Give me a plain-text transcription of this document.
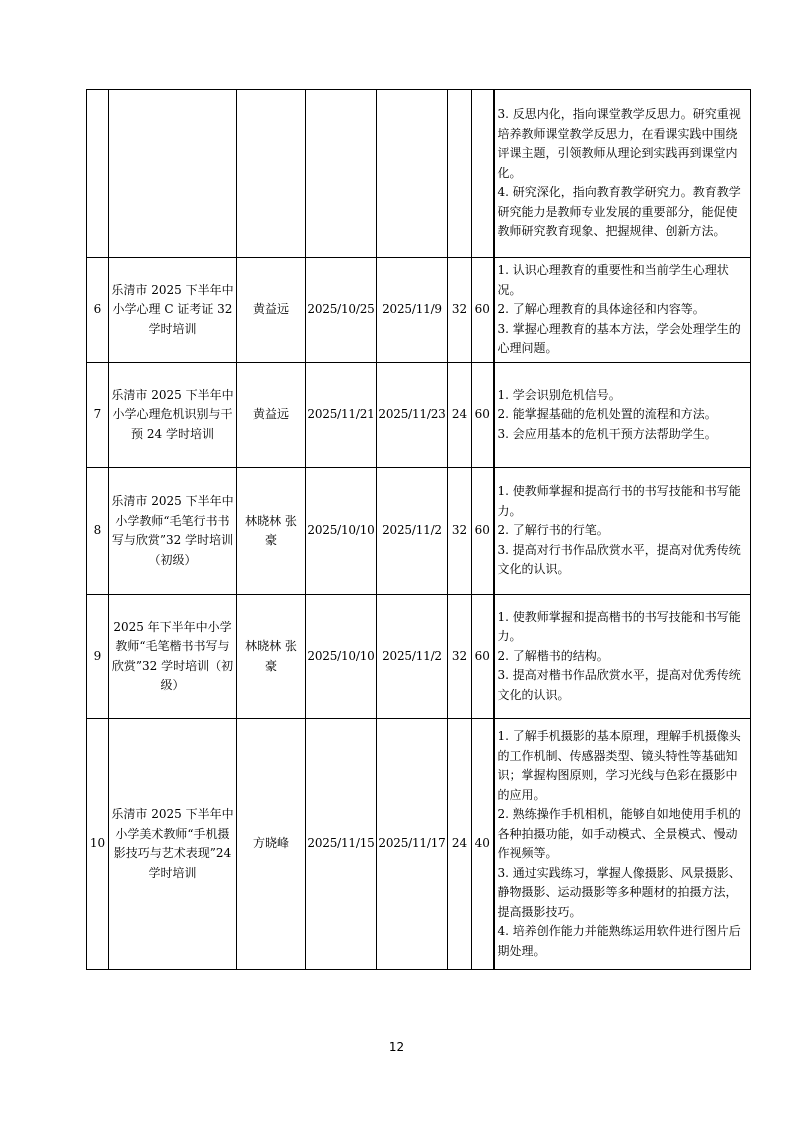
							3. 反思内化，指向课堂教学反思力。研究重视培养教师课堂教学反思力，在看课实践中围绕评课主题，引领教师从理论到实践再到课堂内化。
4. 研究深化，指向教育教学研究力。教育教学研究能力是教师专业发展的重要部分，能促使教师研究教育现象、把握规律、创新方法。

6	乐清市 2025 下半年中小学心理 C 证考证 32 学时培训	黄益远	2025/10/25	2025/11/9	32	60	1. 认识心理教育的重要性和当前学生心理状况。
2. 了解心理教育的具体途径和内容等。
3. 掌握心理教育的基本方法，学会处理学生的心理问题。

7	乐清市 2025 下半年中小学心理危机识别与干预 24 学时培训	黄益远	2025/11/21	2025/11/23	24	60	1. 学会识别危机信号。
2. 能掌握基础的危机处置的流程和方法。
3. 会应用基本的危机干预方法帮助学生。

8	乐清市 2025 下半年中小学教师“毛笔行书书写与欣赏”32 学时培训（初级）	林晓林 张　豪	2025/10/10	2025/11/2	32	60	1. 使教师掌握和提高行书的书写技能和书写能力。
2. 了解行书的行笔。
3. 提高对行书作品欣赏水平，提高对优秀传统文化的认识。

9	2025 年下半年中小学教师“毛笔楷书书写与欣赏”32 学时培训（初级）	林晓林 张　豪	2025/10/10	2025/11/2	32	60	1. 使教师掌握和提高楷书的书写技能和书写能力。
2. 了解楷书的结构。
3. 提高对楷书作品欣赏水平，提高对优秀传统文化的认识。

10	乐清市 2025 下半年中小学美术教师“手机摄影技巧与艺术表现”24 学时培训	方晓峰	2025/11/15	2025/11/17	24	40	1. 了解手机摄影的基本原理，理解手机摄像头的工作机制、传感器类型、镜头特性等基础知识；掌握构图原则，学习光线与色彩在摄影中的应用。
2. 熟练操作手机相机，能够自如地使用手机的各种拍摄功能，如手动模式、全景模式、慢动作视频等。
3. 通过实践练习，掌握人像摄影、风景摄影、静物摄影、运动摄影等多种题材的拍摄方法，提高摄影技巧。
4. 培养创作能力并能熟练运用软件进行图片后期处理。
12
